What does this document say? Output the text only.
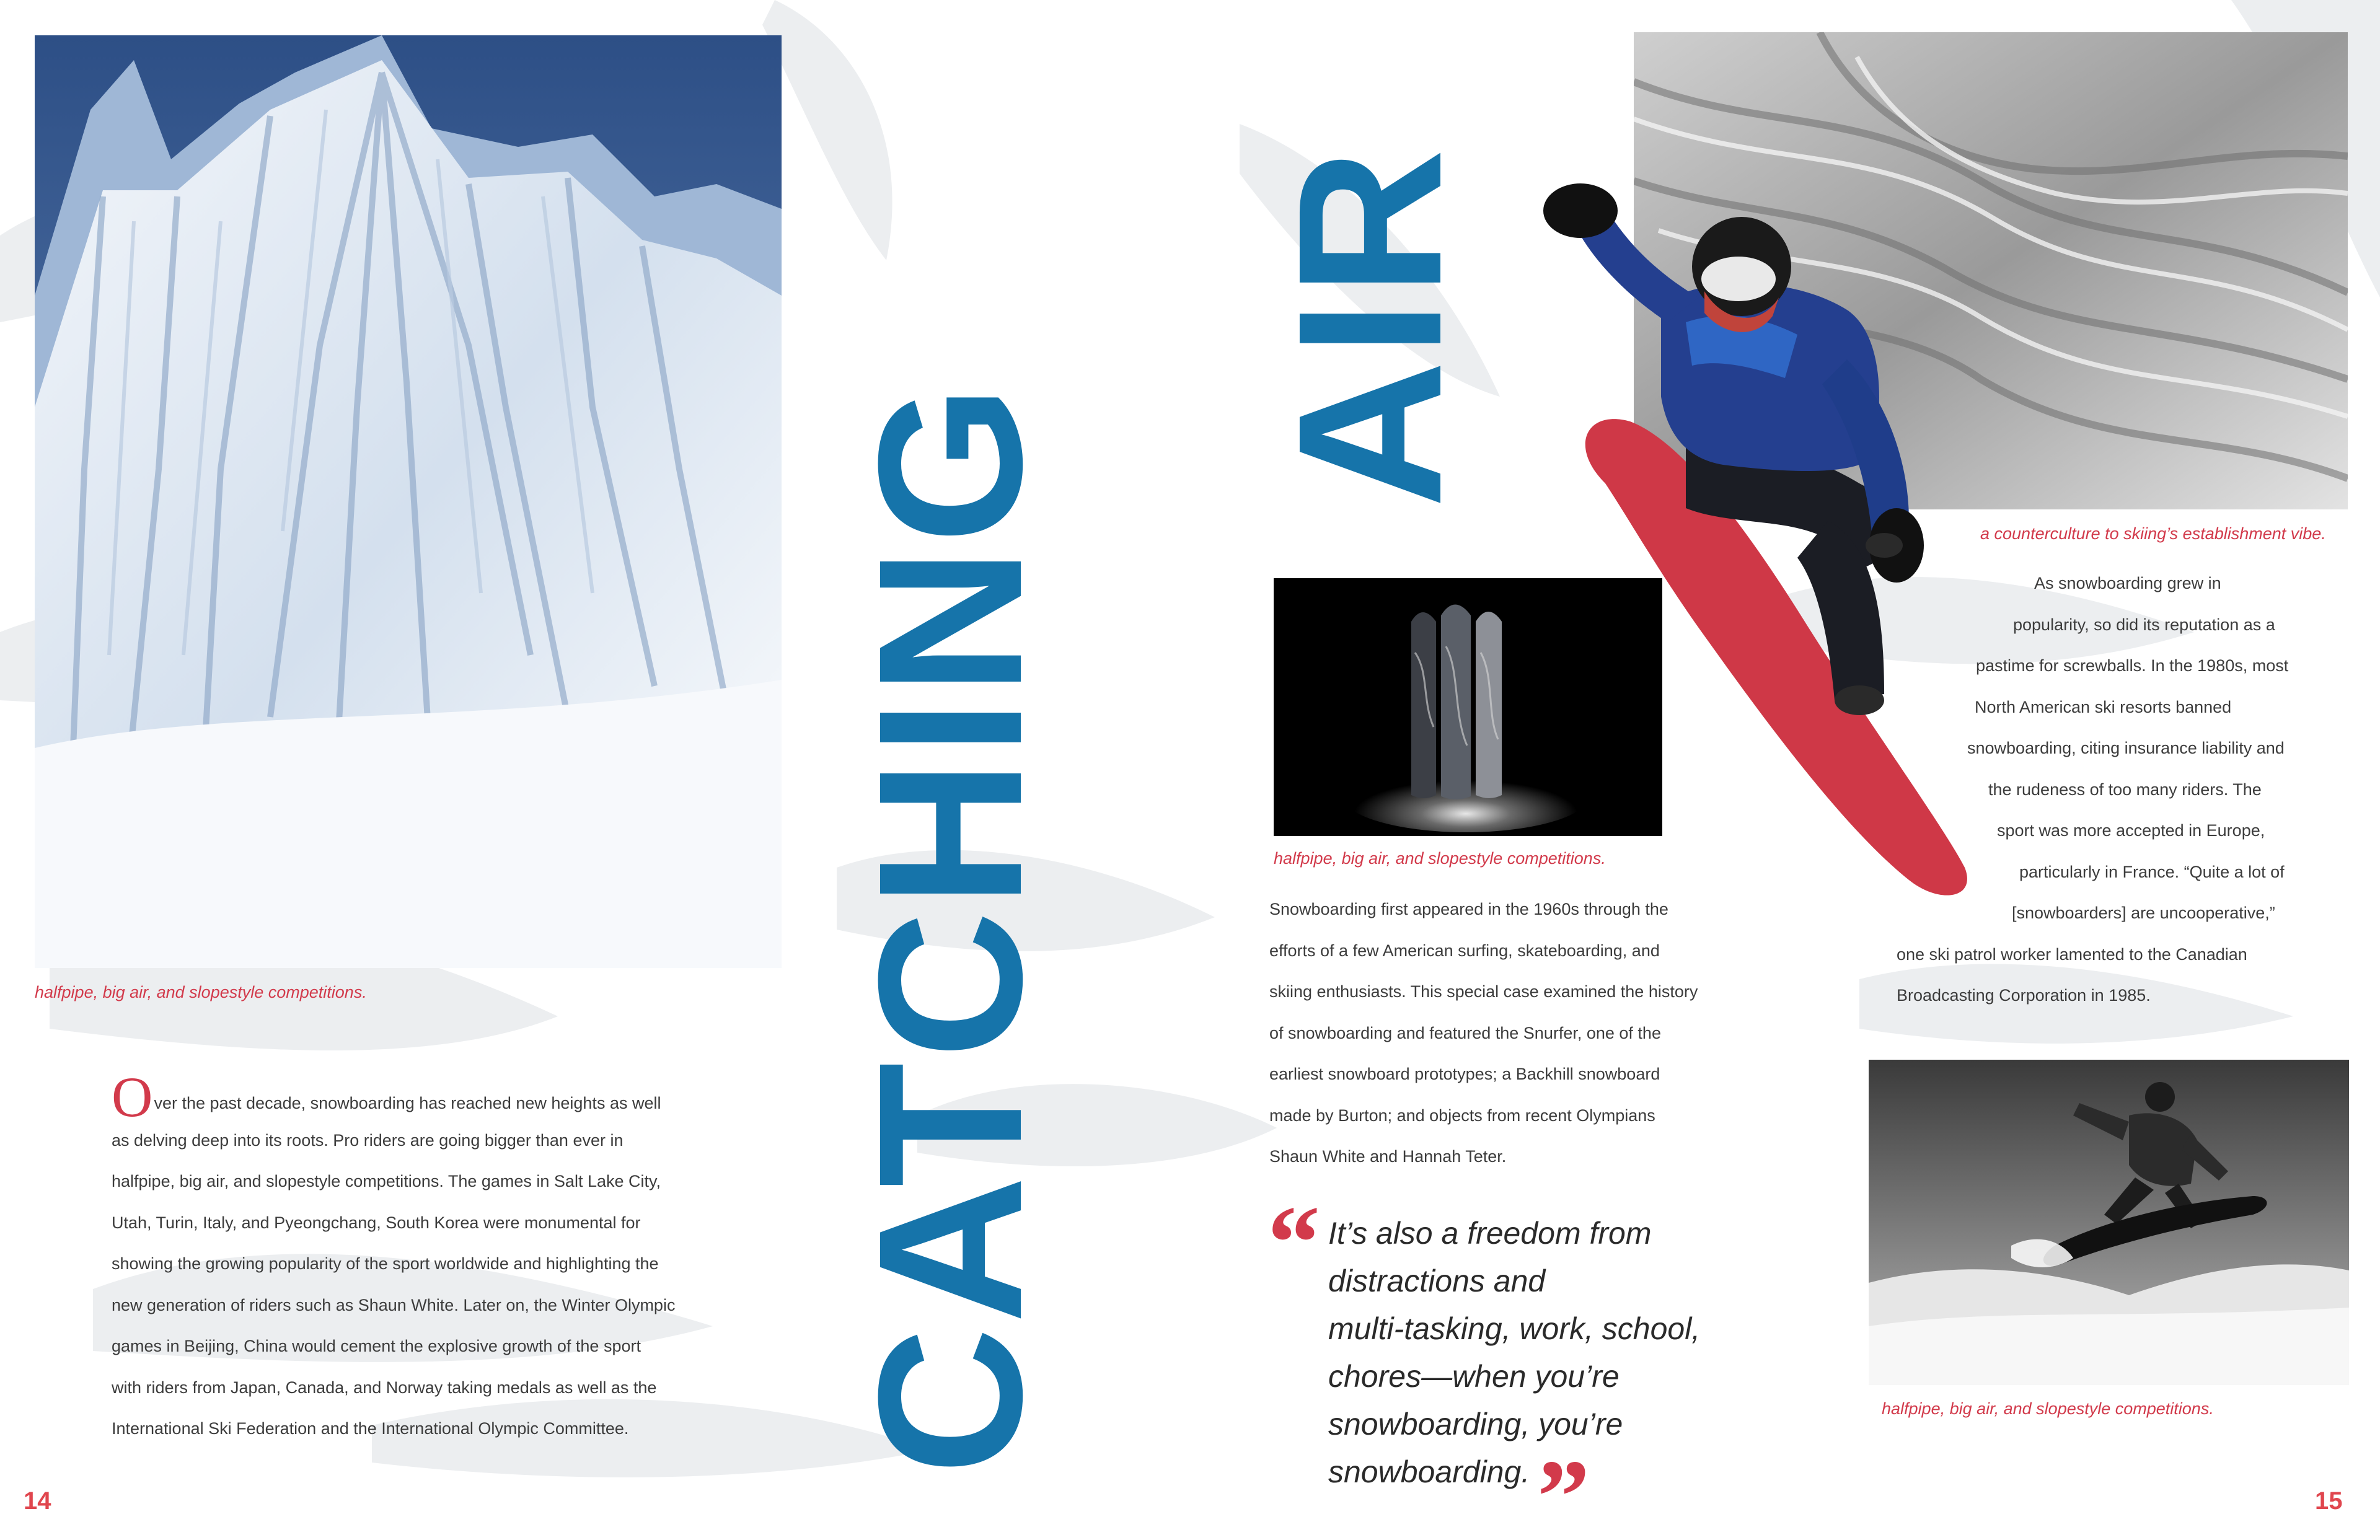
halfpipe, big air, and slopestyle competitions.
Over the past decade, snowboarding has reached new heights as well
as delving deep into its roots. Pro riders are going bigger than ever in
halfpipe, big air, and slopestyle competitions. The games in Salt Lake City,
Utah, Turin, Italy, and Pyeongchang, South Korea were monumental for
showing the growing popularity of the sport worldwide and highlighting the
new generation of riders such as Shaun White. Later on, the Winter Olympic
games in Beijing, China would cement the explosive growth of the sport
with riders from Japan, Canada, and Norway taking medals as well as the
International Ski Federation and the International Olympic Committee.
14
CATCHING
AIR
a counterculture to skiing’s establishment vibe.
halfpipe, big air, and slopestyle competitions.
Snowboarding first appeared in the 1960s through the
efforts of a few American surfing, skateboarding, and
skiing enthusiasts. This special case examined the history
of snowboarding and featured the Snurfer, one of the
earliest snowboard prototypes; a Backhill snowboard
made by Burton; and objects from recent Olympians
Shaun White and Hannah Teter.
As snowboarding grew in
popularity, so did its reputation as a
pastime for screwballs. In the 1980s, most
North American ski resorts banned
snowboarding, citing insurance liability and
the rudeness of too many riders. The
sport was more accepted in Europe,
particularly in France. “Quite a lot of
[snowboarders] are uncooperative,”
one ski patrol worker lamented to the Canadian
Broadcasting Corporation in 1985.
“ It’s also a freedom from
distractions and
multi-tasking, work, school,
chores—when you’re
snowboarding, you’re
snowboarding. ”
halfpipe, big air, and slopestyle competitions.
15
